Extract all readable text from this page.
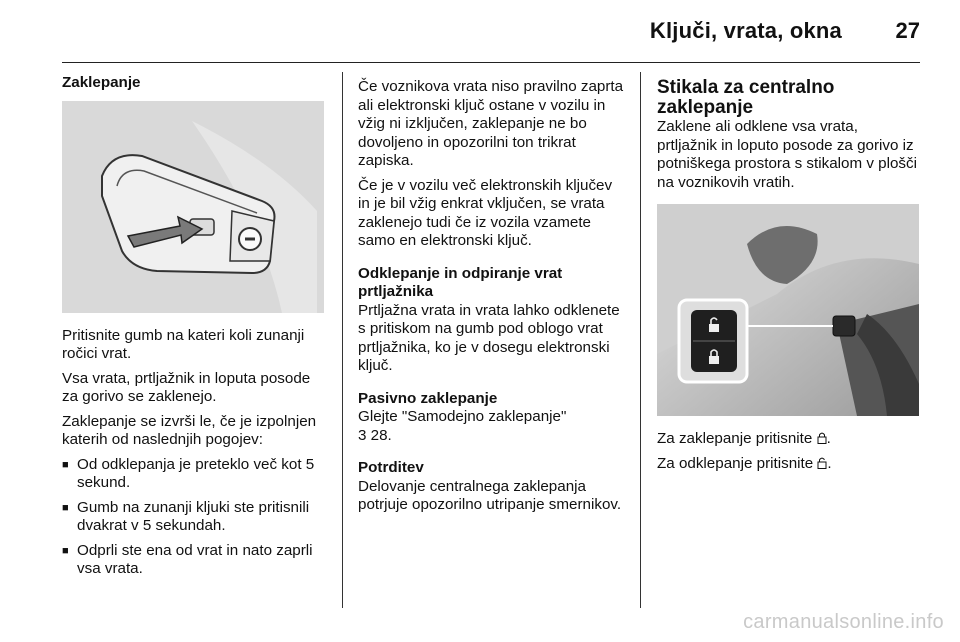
Ključi, vrata, okna 27
Zaklepanje

Pritisnite gumb na kateri koli zunanji ročici vrat.

Vsa vrata, prtljažnik in loputa posode za gorivo se zaklenejo.

Zaklepanje se izvrši le, če je izpolnjen katerih od naslednjih pogojev:

■ Od odklepanja je preteklo več kot 5 sekund.
■ Gumb na zunanji kljuki ste pritisnili dvakrat v 5 sekundah.
■ Odprli ste ena od vrat in nato zaprli vsa vrata.

Če voznikova vrata niso pravilno zaprta ali elektronski ključ ostane v vozilu in vžig ni izključen, zaklepanje ne bo dovoljeno in opozorilni ton trikrat zapiska.

Če je v vozilu več elektronskih ključev in je bil vžig enkrat vključen, se vrata zaklenejo tudi če iz vozila vzamete samo en elektronski ključ.

Odklepanje in odpiranje vrat prtljažnika

Prtljažna vrata in vrata lahko odklenete s pritiskom na gumb pod oblogo vrat prtljažnika, ko je v dosegu elektronski ključ.

Pasivno zaklepanje

Glejte "Samodejno zaklepanje"
3 28.

Potrditev

Delovanje centralnega zaklepanja potrjuje opozorilno utripanje smernikov.

Stikala za centralno zaklepanje

Zaklene ali odklene vsa vrata, prtljažnik in loputo posode za gorivo iz potniškega prostora s stikalom v plošči na voznikovih vratih.

Za zaklepanje pritisnite .

Za odklepanje pritisnite .

carmanualsonline.info
